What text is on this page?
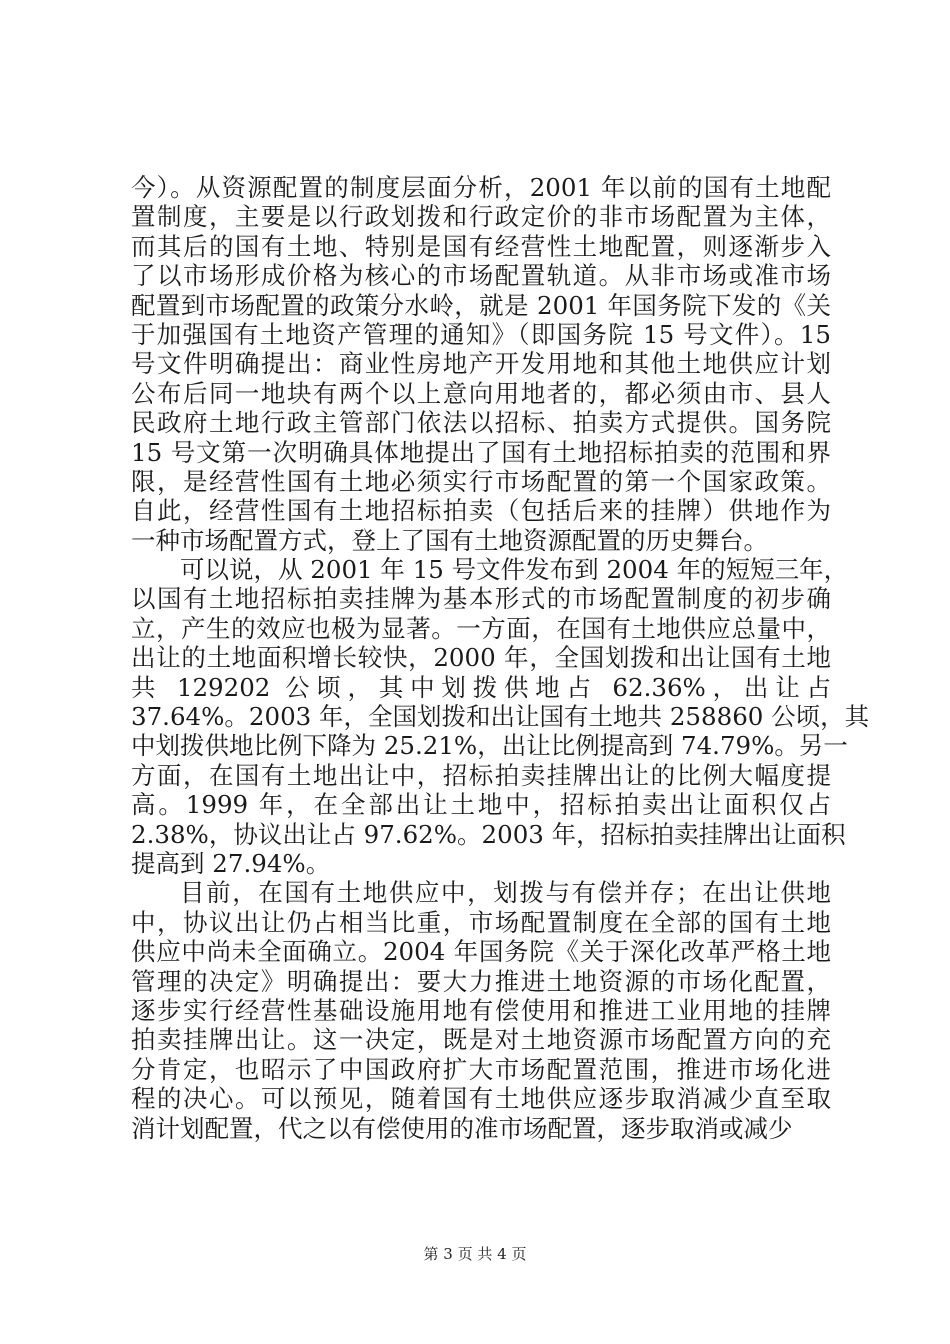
今）。从资源配置的制度层面分析，2001 年以前的国有土地配
置制度，主要是以行政划拨和行政定价的非市场配置为主体，
而其后的国有土地、特别是国有经营性土地配置，则逐渐步入
了以市场形成价格为核心的市场配置轨道。从非市场或准市场
配置到市场配置的政策分水岭，就是 2001 年国务院下发的《关
于加强国有土地资产管理的通知》（即国务院 15 号文件）。15
号文件明确提出：商业性房地产开发用地和其他土地供应计划
公布后同一地块有两个以上意向用地者的，都必须由市、县人
民政府土地行政主管部门依法以招标、拍卖方式提供。国务院
15 号文第一次明确具体地提出了国有土地招标拍卖的范围和界
限，是经营性国有土地必须实行市场配置的第一个国家政策。
自此，经营性国有土地招标拍卖（包括后来的挂牌）供地作为
一种市场配置方式，登上了国有土地资源配置的历史舞台。
可以说，从 2001 年 15 号文件发布到 2004 年的短短三年，
以国有土地招标拍卖挂牌为基本形式的市场配置制度的初步确
立，产生的效应也极为显著。一方面，在国有土地供应总量中，
出让的土地面积增长较快，2000 年，全国划拨和出让国有土地
共 129202 公顷，其中划拨供地占 62.36%，出让占
37.64%。2003 年，全国划拨和出让国有土地共 258860 公顷，其
中划拨供地比例下降为 25.21%，出让比例提高到 74.79%。另一
方面，在国有土地出让中，招标拍卖挂牌出让的比例大幅度提
高。1999 年，在全部出让土地中，招标拍卖出让面积仅占
2.38%，协议出让占 97.62%。2003 年，招标拍卖挂牌出让面积
提高到 27.94%。
目前，在国有土地供应中，划拨与有偿并存；在出让供地
中，协议出让仍占相当比重，市场配置制度在全部的国有土地
供应中尚未全面确立。2004 年国务院《关于深化改革严格土地
管理的决定》明确提出：要大力推进土地资源的市场化配置，
逐步实行经营性基础设施用地有偿使用和推进工业用地的挂牌
拍卖挂牌出让。这一决定，既是对土地资源市场配置方向的充
分肯定，也昭示了中国政府扩大市场配置范围，推进市场化进
程的决心。可以预见，随着国有土地供应逐步取消减少直至取
消计划配置，代之以有偿使用的准市场配置，逐步取消或减少
第 3 页 共 4 页
